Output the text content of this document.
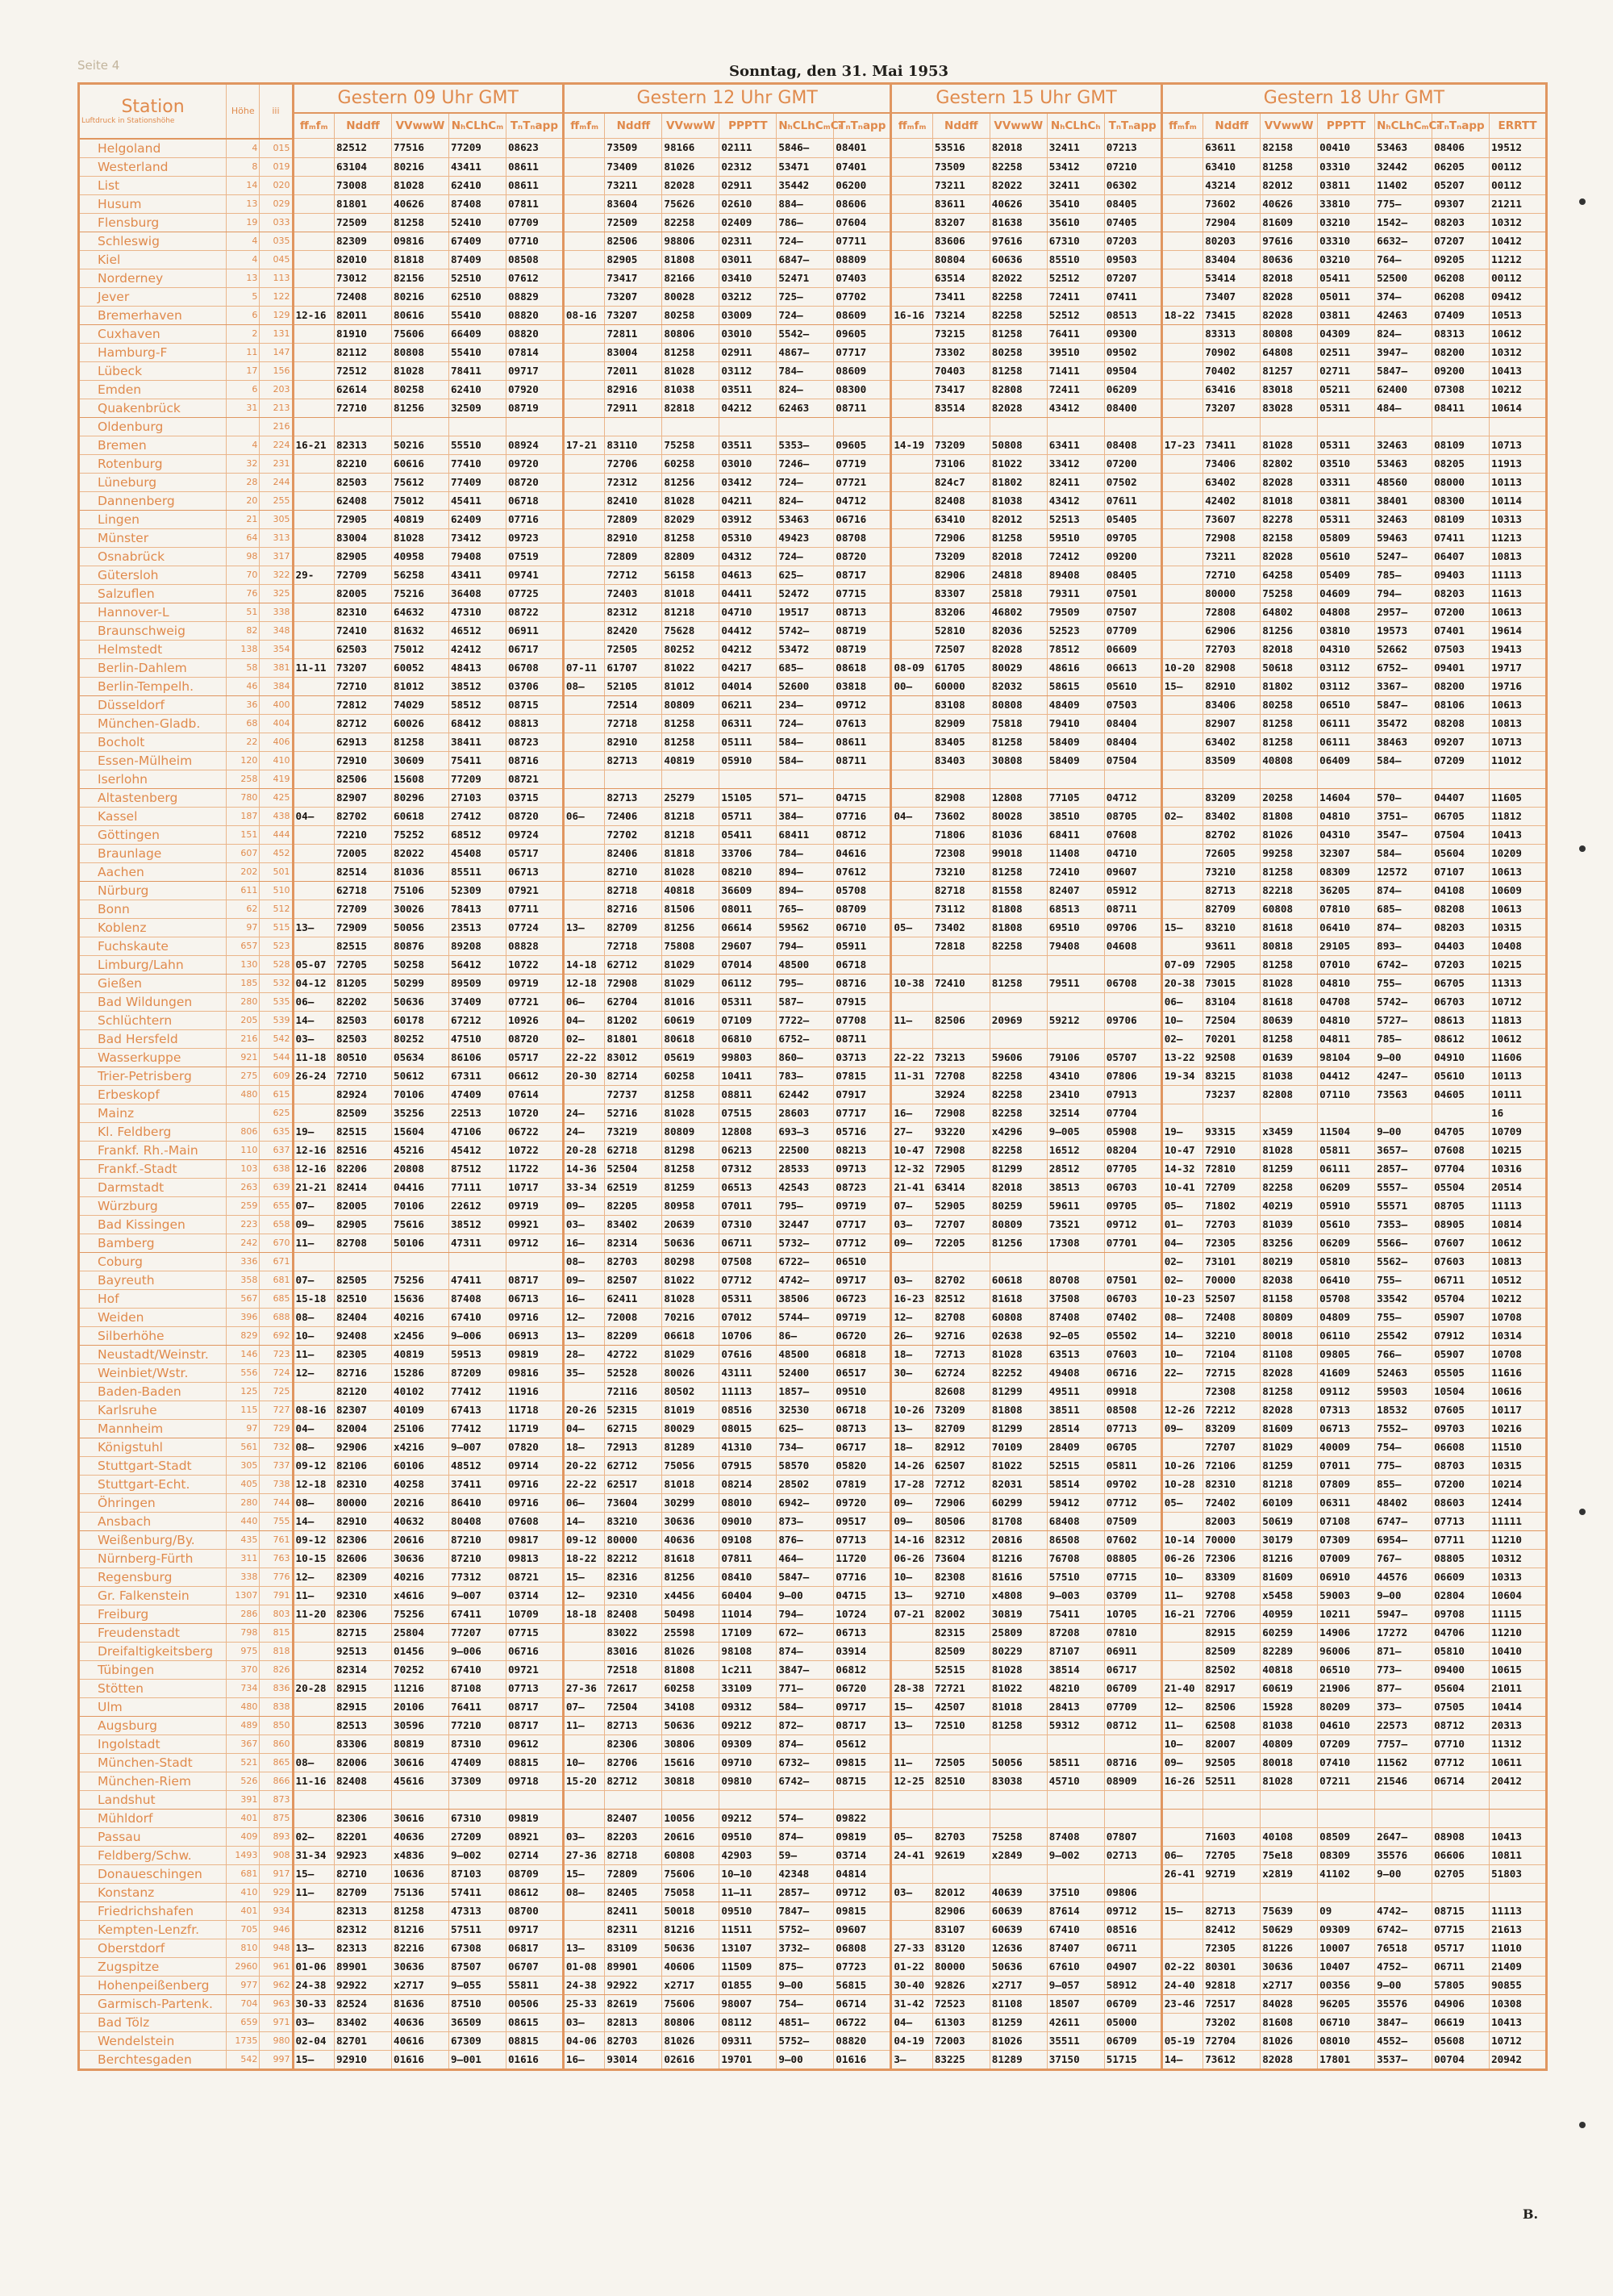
Seite 4	Sonntag, den 31. Mai 1953
Station
Luftdruck in Stationshöhe	Höhe	iii	Gestern 09 Uhr GMT					Gestern 12 Uhr GMT						Gestern 15 Uhr GMT					Gestern 18 Uhr GMT						
			ffₘfₘ	Nddff	VVwwW	NₕCLhCₘ	TₙTₙapp	ffₘfₘ	Nddff	VVwwW	PPPTT	NₕCLhCₘCₕ	TₙTₙapp	ffₘfₘ	Nddff	VVwwW	NₕCLhCₕ	TₙTₙapp	ffₘfₘ	Nddff	VVwwW	PPPTT	NₕCLhCₘCₕ	TₙTₙapp	ERRTT
Helgoland	4	015		82512	77516	77209	08623		73509	98166	02111	5846–	08401		53516	82018	32411	07213		63611	82158	00410	53463	08406	19512
Westerland	8	019		63104	80216	43411	08611		73409	81026	02312	53471	07401		73509	82258	53412	07210		63410	81258	03310	32442	06205	00112
List	14	020		73008	81028	62410	08611		73211	82028	02911	35442	06200		73211	82022	32411	06302		43214	82012	03811	11402	05207	00112
Husum	13	029		81801	40626	87408	07811		83604	75626	02610	884–	08606		83611	40626	35410	08405		73602	40626	33810	775–	09307	21211
Flensburg	19	033		72509	81258	52410	07709		72509	82258	02409	786–	07604		83207	81638	35610	07405		72904	81609	03210	1542–	08203	10312
Schleswig	4	035		82309	09816	67409	07710		82506	98806	02311	724–	07711		83606	97616	67310	07203		80203	97616	03310	6632–	07207	10412
Kiel	4	045		82010	81818	87409	08508		82905	81808	03011	6847–	08809		80804	60636	85510	09503		83404	80636	03210	764–	09205	11212
Norderney	13	113		73012	82156	52510	07612		73417	82166	03410	52471	07403		63514	82022	52512	07207		53414	82018	05411	52500	06208	00112
Jever	5	122		72408	80216	62510	08829		73207	80028	03212	725–	07702		73411	82258	72411	07411		73407	82028	05011	374–	06208	09412
Bremerhaven	6	129	12-16	82011	80616	55410	08820	08-16	73207	80258	03009	724–	08609	16-16	73214	82258	52512	08513	18-22	73415	82028	03811	42463	07409	10513
Cuxhaven	2	131		81910	75606	66409	08820		72811	80806	03010	5542–	09605		73215	81258	76411	09300		83313	80808	04309	824–	08313	10612
Hamburg-F	11	147		82112	80808	55410	07814		83004	81258	02911	4867–	07717		73302	80258	39510	09502		70902	64808	02511	3947–	08200	10312
Lübeck	17	156		72512	81028	78411	09717		72011	81028	03112	784–	08609		70403	81258	71411	09504		70402	81257	02711	5847–	09200	10413
Emden	6	203		62614	80258	62410	07920		82916	81038	03511	824–	08300		73417	82808	72411	06209		63416	83018	05211	62400	07308	10212
Quakenbrück	31	213		72710	81256	32509	08719		72911	82818	04212	62463	08711		83514	82028	43412	08400		73207	83028	05311	484–	08411	10614
Oldenburg		216																							
Bremen	4	224	16-21	82313	50216	55510	08924	17-21	83110	75258	03511	5353–	09605	14-19	73209	50808	63411	08408	17-23	73411	81028	05311	32463	08109	10713
Rotenburg	32	231		82210	60616	77410	09720		72706	60258	03010	7246–	07719		73106	81022	33412	07200		73406	82802	03510	53463	08205	11913
Lüneburg	28	244		82503	75612	77409	08720		72312	81256	03412	724–	07721		824c7	81802	82411	07502		63402	82028	03311	48560	08000	10113
Dannenberg	20	255		62408	75012	45411	06718		82410	81028	04211	824–	04712		82408	81038	43412	07611		42402	81018	03811	38401	08300	10114
Lingen	21	305		72905	40819	62409	07716		72809	82029	03912	53463	06716		63410	82012	52513	05405		73607	82278	05311	32463	08109	10313
Münster	64	313		83004	81028	73412	09723		82910	81258	05310	49423	08708		72906	81258	59510	09705		72908	82158	05809	59463	07411	11213
Osnabrück	98	317		82905	40958	79408	07519		72809	82809	04312	724–	08720		73209	82018	72412	09200		73211	82028	05610	5247–	06407	10813
Gütersloh	70	322	29-	72709	56258	43411	09741		72712	56158	04613	625–	08717		82906	24818	89408	08405		72710	64258	05409	785–	09403	11113
Salzuflen	76	325		82005	75216	36408	07725		72403	81018	04411	52472	07715		83307	25818	79311	07501		80000	75258	04609	794–	08203	11613
Hannover-L	51	338		82310	64632	47310	08722		82312	81218	04710	19517	08713		83206	46802	79509	07507		72808	64802	04808	2957–	07200	10613
Braunschweig	82	348		72410	81632	46512	06911		82420	75628	04412	5742–	08719		52810	82036	52523	07709		62906	81256	03810	19573	07401	19614
Helmstedt	138	354		62503	75012	42412	06717		72505	80252	04212	53472	08719		72507	82028	78512	06609		72703	82018	04310	52662	07503	19413
Berlin-Dahlem	58	381	11-11	73207	60052	48413	06708	07-11	61707	81022	04217	685–	08618	08-09	61705	80029	48616	06613	10-20	82908	50618	03112	6752–	09401	19717
Berlin-Tempelh.	46	384		72710	81012	38512	03706	08–	52105	81012	04014	52600	03818	00–	60000	82032	58615	05610	15–	82910	81802	03112	3367–	08200	19716
Düsseldorf	36	400		72812	74029	58512	08715		72514	80809	06211	234–	09712		83108	80808	48409	07503		83406	80258	06510	5847–	08106	10613
München-Gladb.	68	404		82712	60026	68412	08813		72718	81258	06311	724–	07613		82909	75818	79410	08404		82907	81258	06111	35472	08208	10813
Bocholt	22	406		62913	81258	38411	08723		82910	81258	05111	584–	08611		83405	81258	58409	08404		63402	81258	06111	38463	09207	10713
Essen-Mülheim	120	410		72910	30609	75411	08716		82713	40819	05910	584–	08711		83403	30808	58409	07504		83509	40808	06409	584–	07209	11012
Iserlohn	258	419		82506	15608	77209	08721																		
Altastenberg	780	425		82907	80296	27103	03715		82713	25279	15105	571–	04715		82908	12808	77105	04712		83209	20258	14604	570–	04407	11605
Kassel	187	438	04–	82702	60618	27412	08720	06–	72406	81218	05711	384–	07716	04–	73602	80028	38510	08705	02–	83402	81808	04810	3751–	06705	11812
Göttingen	151	444		72210	75252	68512	09724		72702	81218	05411	68411	08712		71806	81036	68411	07608		82702	81026	04310	3547–	07504	10413
Braunlage	607	452		72005	82022	45408	05717		82406	81818	33706	784–	04616		72308	99018	11408	04710		72605	99258	32307	584–	05604	10209
Aachen	202	501		82514	81036	85511	06713		82710	81028	08210	894–	07612		73210	81258	72410	09607		73210	81258	08309	12572	07107	10613
Nürburg	611	510		62718	75106	52309	07921		82718	40818	36609	894–	05708		82718	81558	82407	05912		82713	82218	36205	874–	04108	10609
Bonn	62	512		72709	30026	78413	07711		82716	81506	08011	765–	08709		73112	81808	68513	08711		82709	60808	07810	685–	08208	10613
Koblenz	97	515	13–	72909	50056	23513	07724	13–	82709	81256	06614	59562	06710	05–	73402	81808	69510	09706	15–	83210	81618	06410	874–	08203	10315
Fuchskaute	657	523		82515	80876	89208	08828		72718	75808	29607	794–	05911		72818	82258	79408	04608		93611	80818	29105	893–	04403	10408
Limburg/Lahn	130	528	05-07	72705	50258	56412	10722	14-18	62712	81029	07014	48500	06718						07-09	72905	81258	07010	6742–	07203	10215
Gießen	185	532	04-12	81205	50299	89509	09719	12-18	72908	81029	06112	795–	08716	10-38	72410	81258	79511	06708	20-38	73015	81028	04810	755–	06705	11313
Bad Wildungen	280	535	06–	82202	50636	37409	07721	06–	62704	81016	05311	587–	07915						06–	83104	81618	04708	5742–	06703	10712
Schlüchtern	205	539	14–	82503	60178	67212	10926	04–	81202	60619	07109	7722–	07708	11–	82506	20969	59212	09706	10–	72504	80639	04810	5727–	08613	11813
Bad Hersfeld	216	542	03–	82503	80252	47510	08720	02–	81801	80618	06810	6752–	08711						02–	70201	81258	04811	785–	08612	10612
Wasserkuppe	921	544	11-18	80510	05634	86106	05717	22-22	83012	05619	99803	860–	03713	22-22	73213	59606	79106	05707	13-22	92508	01639	98104	9–00	04910	11606
Trier-Petrisberg	275	609	26-24	72710	50612	67311	06612	20-30	82714	60258	10411	783–	07815	11-31	72708	82258	43410	07806	19-34	83215	81038	04412	4247–	05610	10113
Erbeskopf	480	615		82924	70106	47409	07614		72737	81258	08811	62442	07917		32924	82258	23410	07913		73237	82808	07110	73563	04605	10111
Mainz		625		82509	35256	22513	10720	24–	52716	81028	07515	28603	07717	16–	72908	82258	32514	07704							16
Kl. Feldberg	806	635	19–	82515	15604	47106	06722	24–	73219	80809	12808	693–3	05716	27–	93220	x4296	9–005	05908	19–	93315	x3459	11504	9–00	04705	10709
Frankf. Rh.-Main	110	637	12-16	82516	45216	45412	10722	20-28	62718	81298	06213	22500	08213	10-47	72908	82258	16512	08204	10-47	72910	81028	05811	3657–	07608	10215
Frankf.-Stadt	103	638	12-16	82206	20808	87512	11722	14-36	52504	81258	07312	28533	09713	12-32	72905	81299	28512	07705	14-32	72810	81259	06111	2857–	07704	10316
Darmstadt	263	639	21-21	82414	04416	77111	10717	33-34	62519	81259	06513	42543	08723	21-41	63414	82018	38513	06703	10-41	72709	82258	06209	5557–	05504	20514
Würzburg	259	655	07–	82005	70106	22612	09719	09–	82205	80958	07011	795–	09719	07–	52905	80259	59611	09705	05–	71802	40219	05910	55571	08705	11113
Bad Kissingen	223	658	09–	82905	75616	38512	09921	03–	83402	20639	07310	32447	07717	03–	72707	80809	73521	09712	01–	72703	81039	05610	7353–	08905	10814
Bamberg	242	670	11–	82708	50106	47311	09712	16–	82314	50636	06711	5732–	07712	09–	72205	81256	17308	07701	04–	72305	83256	06209	5566–	07607	10612
Coburg	336	671						08–	82703	80298	07508	6722–	06510						02–	73101	80219	05810	5562–	07603	10813
Bayreuth	358	681	07–	82505	75256	47411	08717	09–	82507	81022	07712	4742–	09717	03–	82702	60618	80708	07501	02–	70000	82038	06410	755–	06711	10512
Hof	567	685	15-18	82510	15636	87408	06713	16–	62411	81028	05311	38506	06723	16-23	82512	81618	37508	06703	10-23	52507	81158	05708	33542	05704	10212
Weiden	396	688	08–	82404	40216	67410	09716	12–	72008	70216	07012	5744–	09719	12–	82708	60808	87408	07402	08–	72408	80809	04809	755–	05907	10708
Silberhöhe	829	692	10–	92408	x2456	9–006	06913	13–	82209	06618	10706	86–	06720	26–	92716	02638	92–05	05502	14–	32210	80018	06110	25542	07912	10314
Neustadt/Weinstr.	146	723	11–	82305	40819	59513	09819	28–	42722	81029	07616	48500	06818	18–	72713	81028	63513	07603	10–	72104	81108	09805	766–	05907	10708
Weinbiet/Wstr.	556	724	12–	82716	15286	87209	09816	35–	52528	80026	43111	52400	06517	30–	62724	82252	49408	06716	22–	72715	82028	41609	52463	05505	11616
Baden-Baden	125	725		82120	40102	77412	11916		72116	80502	11113	1857–	09510		82608	81299	49511	09918		72308	81258	09112	59503	10504	10616
Karlsruhe	115	727	08-16	82307	40109	67413	11718	20-26	52315	81019	08516	32530	06718	10-26	73209	81808	38511	08508	12-26	72212	82028	07313	18532	07605	10117
Mannheim	97	729	04–	82004	25106	77412	11719	04–	62715	80029	08015	625–	08713	13–	82709	81299	28514	07713	09–	83209	81609	06713	7552–	09703	10216
Königstuhl	561	732	08–	92906	x4216	9–007	07820	18–	72913	81289	41310	734–	06717	18–	82912	70109	28409	06705		72707	81029	40009	754–	06608	11510
Stuttgart-Stadt	305	737	09-12	82106	60106	48512	09714	20-22	62712	75056	07915	58570	05820	14-26	62507	81022	52515	05811	10-26	72106	81259	07011	775–	08703	10315
Stuttgart-Echt.	405	738	12-18	82310	40258	37411	09716	22-22	62517	81018	08214	28502	07819	17-28	72712	82031	58514	09702	10-28	82310	81218	07809	855–	07200	10214
Öhringen	280	744	08–	80000	20216	86410	09716	06–	73604	30299	08010	6942–	09720	09–	72906	60299	59412	07712	05–	72402	60109	06311	48402	08603	12414
Ansbach	440	755	14–	82910	40632	80408	07608	14–	83210	30636	09010	873–	09517	09–	80506	81708	68408	07509		82003	50619	07108	6747–	07713	11111
Weißenburg/By.	435	761	09-12	82306	20616	87210	09817	09-12	80000	40636	09108	876–	07713	14-16	82312	20816	86508	07602	10-14	70000	30179	07309	6954–	07711	11210
Nürnberg-Fürth	311	763	10-15	82606	30636	87210	09813	18-22	82212	81618	07811	464–	11720	06-26	73604	81216	76708	08805	06-26	72306	81216	07009	767–	08805	10312
Regensburg	338	776	12–	82309	40216	77312	08721	15–	82316	81256	08410	5847–	07716	10–	82308	81616	57510	07715	10–	83309	81609	06910	44576	06609	10313
Gr. Falkenstein	1307	791	11–	92310	x4616	9–007	03714	12–	92310	x4456	60404	9–00	04715	13–	92710	x4808	9–003	03709	11–	92708	x5458	59003	9–00	02804	10604
Freiburg	286	803	11-20	82306	75256	67411	10709	18-18	82408	50498	11014	794–	10724	07-21	82002	30819	75411	10705	16-21	72706	40959	10211	5947–	09708	11115
Freudenstadt	798	815		82715	25804	77207	07715		83022	25598	17109	672–	06713		82315	25809	87208	07810		82915	60259	14906	17272	04706	11210
Dreifaltigkeitsberg	975	818		92513	01456	9–006	06716		83016	81026	98108	874–	03914		82509	80229	87107	06911		82509	82289	96006	871–	05810	10410
Tübingen	370	826		82314	70252	67410	09721		72518	81808	1c211	3847–	06812		52515	81028	38514	06717		82502	40818	06510	773–	09400	10615
Stötten	734	836	20-28	82915	11216	87108	07713	27-36	72617	60258	33109	771–	06720	28-38	72721	81022	48210	06709	21-40	82917	60619	21906	877–	05604	21011
Ulm	480	838		82915	20106	76411	08717	07–	72504	34108	09312	584–	09717	15–	42507	81018	28413	07709	12–	82506	15928	80209	373–	07505	10414
Augsburg	489	850		82513	30596	77210	08717	11–	82713	50636	09212	872–	08717	13–	72510	81258	59312	08712	11–	62508	81038	04610	22573	08712	20313
Ingolstadt	367	860		83306	80819	87310	09612		82306	30806	09309	874–	05612						10–	82007	40809	07209	7757–	07710	11312
München-Stadt	521	865	08–	82006	30616	47409	08815	10–	82706	15616	09710	6732–	09815	11–	72505	50056	58511	08716	09–	92505	80018	07410	11562	07712	10611
München-Riem	526	866	11-16	82408	45616	37309	09718	15-20	82712	30818	09810	6742–	08715	12-25	82510	83038	45710	08909	16-26	52511	81028	07211	21546	06714	20412
Landshut	391	873																							
Mühldorf	401	875		82306	30616	67310	09819		82407	10056	09212	574–	09822												
Passau	409	893	02–	82201	40636	27209	08921	03–	82203	20616	09510	874–	09819	05–	82703	75258	87408	07807		71603	40108	08509	2647–	08908	10413
Feldberg/Schw.	1493	908	31-34	92923	x4836	9–002	02714	27-36	82718	60808	42903	59–	03714	24-41	92619	x2849	9–002	02713	06–	72705	75e18	08309	35576	06606	10811
Donaueschingen	681	917	15–	82710	10636	87103	08709	15–	72809	75606	10–10	42348	04814						26-41	92719	x2819	41102	9–00	02705	51803
Konstanz	410	929	11–	82709	75136	57411	08612	08–	82405	75058	11–11	2857–	09712	03–	82012	40639	37510	09806							
Friedrichshafen	401	934		82313	81258	47313	08700		82411	50018	09510	7847–	09815		82906	60639	87614	09712	15–	82713	75639	09	4742–	08715	11113
Kempten-Lenzfr.	705	946		82312	81216	57511	09717		82311	81216	11511	5752–	09607		83107	60639	67410	08516		82412	50629	09309	6742–	07715	21613
Oberstdorf	810	948	13–	82313	82216	67308	06817	13–	83109	50636	13107	3732–	06808	27-33	83120	12636	87407	06711		72305	81226	10007	76518	05717	11010
Zugspitze	2960	961	01-06	89901	30636	87507	06707	01-08	89901	40606	11509	875–	07723	01-22	80000	50636	67610	04907	02-22	80301	30636	10407	4752–	06711	21409
Hohenpeißenberg	977	962	24-38	92922	x2717	9–055	55811	24-38	92922	x2717	01855	9–00	56815	30-40	92826	x2717	9–057	58912	24-40	92818	x2717	00356	9–00	57805	90855
Garmisch-Partenk.	704	963	30-33	82524	81636	87510	00506	25-33	82619	75606	98007	754–	06714	31-42	72523	81108	18507	06709	23-46	72517	84028	96205	35576	04906	10308
Bad Tölz	659	971	03–	83402	40636	36509	08615	03–	82813	80806	08112	4851–	06722	04–	61303	81259	42611	05000		73202	81608	06710	3847–	06619	10413
Wendelstein	1735	980	02-04	82701	40616	67309	08815	04-06	82703	81026	09311	5752–	08820	04-19	72003	81026	35511	06709	05-19	72704	81026	08010	4552–	05608	10712
Berchtesgaden	542	997	15–	92910	01616	9–001	01616	16–	93014	02616	19701	9–00	01616	3–	83225	81289	37150	51715	14–	73612	82028	17801	3537–	00704	20942
B.
